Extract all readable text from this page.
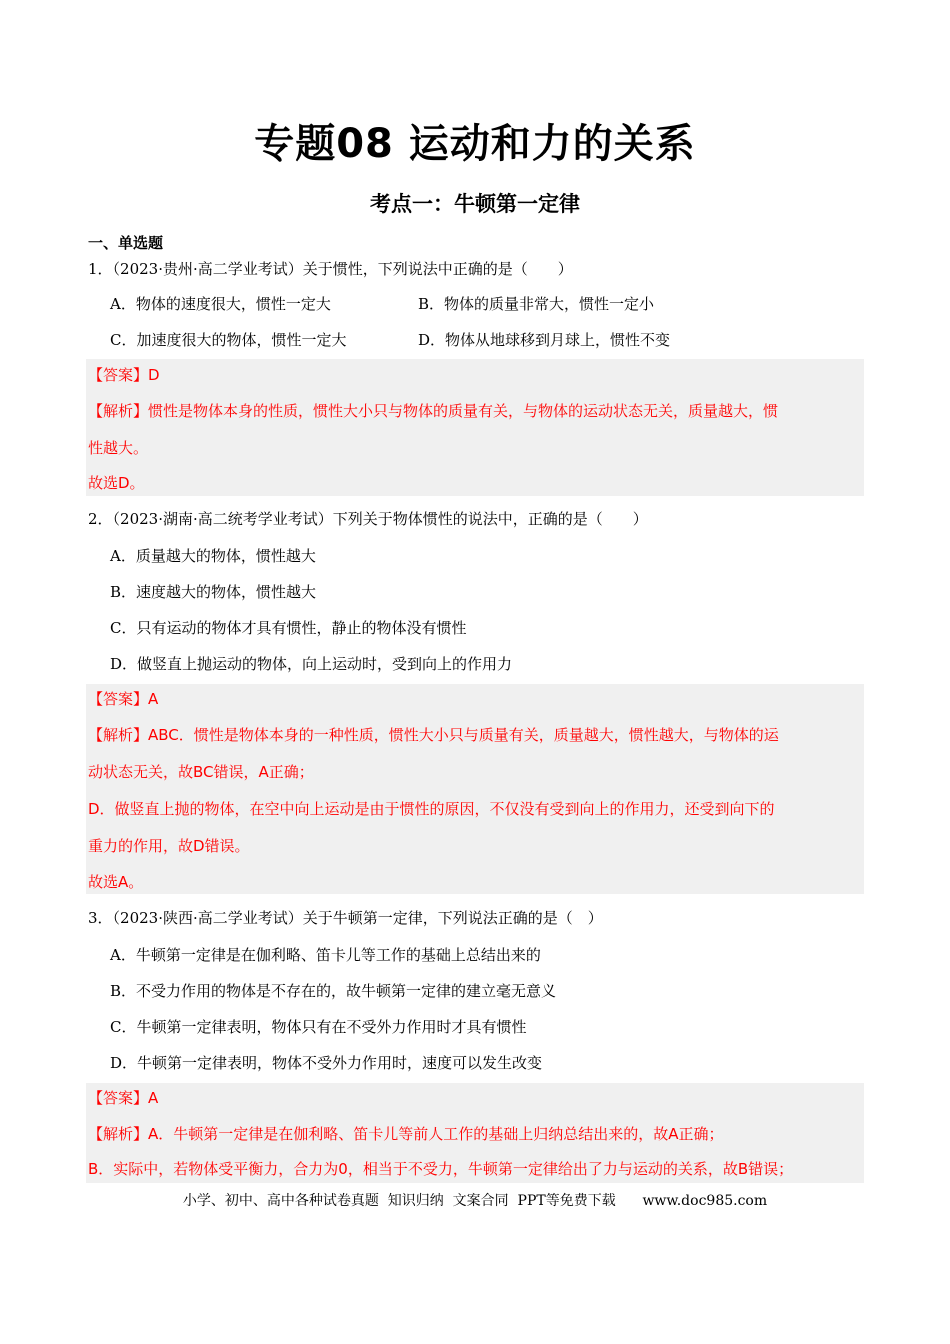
专题08 运动和力的关系
考点一：牛顿第一定律
一、单选题
1．（2023·贵州·高二学业考试）关于惯性，下列说法中正确的是（　　）
A．物体的速度很大，惯性一定大	B．物体的质量非常大，惯性一定小
C．加速度很大的物体，惯性一定大	D．物体从地球移到月球上，惯性不变
【答案】D
【解析】惯性是物体本身的性质，惯性大小只与物体的质量有关，与物体的运动状态无关，质量越大，惯
性越大。
故选D。
2．（2023·湖南·高二统考学业考试）下列关于物体惯性的说法中，正确的是（　　）
A．质量越大的物体，惯性越大
B．速度越大的物体，惯性越大
C．只有运动的物体才具有惯性，静止的物体没有惯性
D．做竖直上抛运动的物体，向上运动时，受到向上的作用力
【答案】A
【解析】ABC．惯性是物体本身的一种性质，惯性大小只与质量有关，质量越大，惯性越大，与物体的运
动状态无关，故BC错误，A正确；
D．做竖直上抛的物体，在空中向上运动是由于惯性的原因，不仅没有受到向上的作用力，还受到向下的
重力的作用，故D错误。
故选A。
3．（2023·陕西·高二学业考试）关于牛顿第一定律，下列说法正确的是（　）
A．牛顿第一定律是在伽利略、笛卡儿等工作的基础上总结出来的
B．不受力作用的物体是不存在的，故牛顿第一定律的建立毫无意义
C．牛顿第一定律表明，物体只有在不受外力作用时才具有惯性
D．牛顿第一定律表明，物体不受外力作用时，速度可以发生改变
【答案】A
【解析】A．牛顿第一定律是在伽利略、笛卡儿等前人工作的基础上归纳总结出来的，故A正确；
B．实际中，若物体受平衡力，合力为0，相当于不受力，牛顿第一定律给出了力与运动的关系，故B错误；
小学、初中、高中各种试卷真题  知识归纳  文案合同  PPT等免费下载      www.doc985.com
